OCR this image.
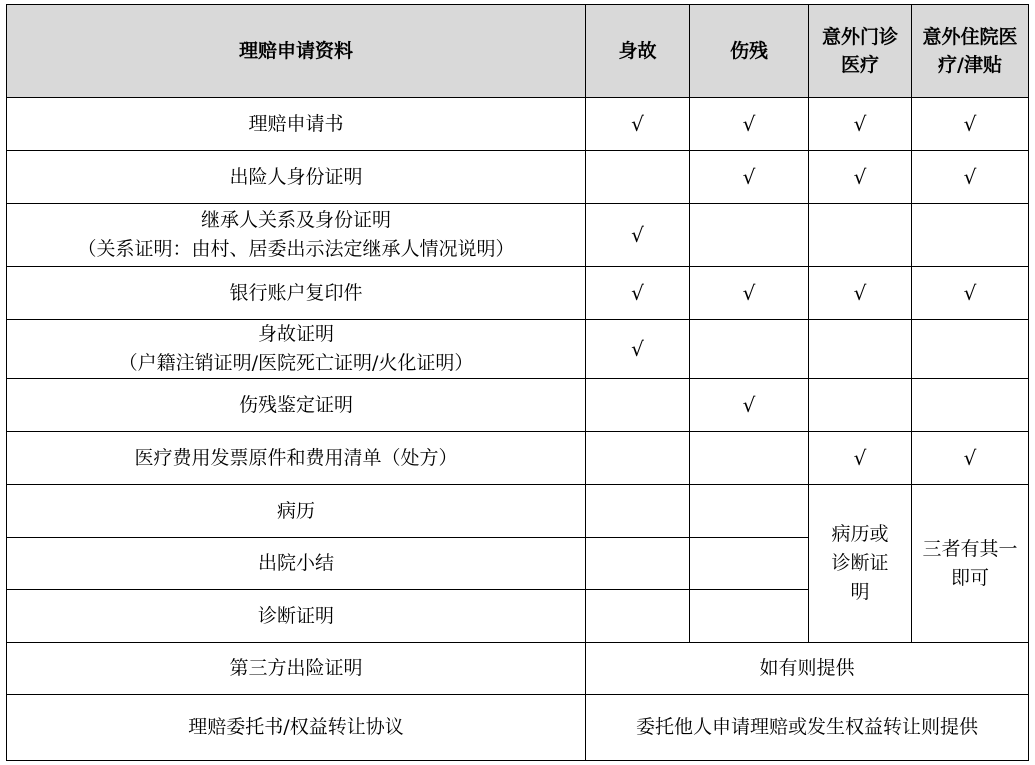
理赔申请资料	身故	伤残	意外门诊医疗	意外住院医疗/津贴
理赔申请书	√	√	√	√
出险人身份证明		√	√	√

继承人关系及身份证明
（关系证明：由村、居委出示法定继承人情况说明）	√			
银行账户复印件	√	√	√	√

身故证明
（户籍注销证明/医院死亡证明/火化证明）	√			
伤残鉴定证明		√		
医疗费用发票原件和费用清单（处方）			√	√
病历			病历或诊断证明	三者有其一即可

出院小结				
诊断证明				
第三方出险证明	如有则提供			
理赔委托书/权益转让协议	委托他人申请理赔或发生权益转让则提供			
